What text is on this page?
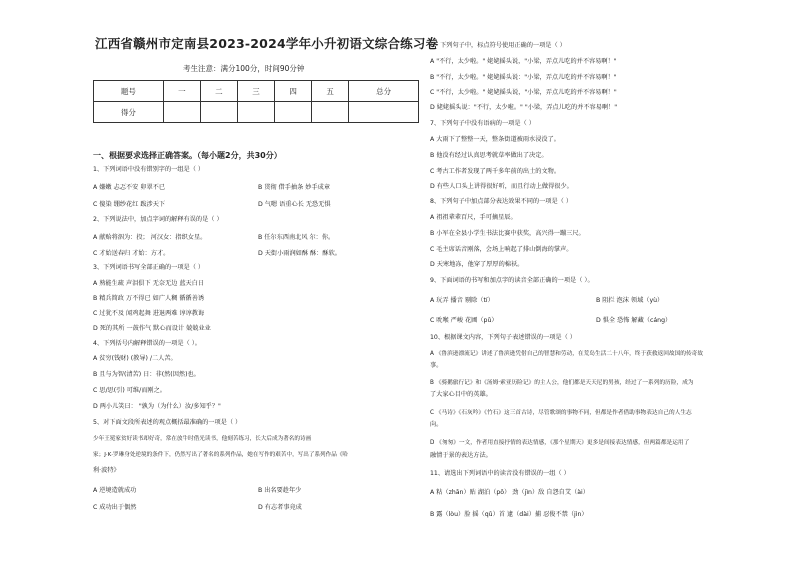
江西省赣州市定南县2023-2024学年小升初语文综合练习卷
考生注意：满分100分，时间90分钟
题号	一	二	三	四	五	总分
得分						
一、根据要求选择正确答案。（每小题2分，共30分）
1、下列词语中没有错别字的一组是（ ）
A 嫌嫩 忐忑不安 卯翠不已	B 贯彻 借手抽条 妙手成章
C 傻染 绷纱花红 跋涉天下	D 气嗯 语重心长 无恐无惧
2、下列说法中，加点字词的解释有误的是（ ）
A 献贻将泅为：投； 河汉女：指织女星。	B 任尔东西南北风 尔：你。
C 才始送春归 才始：方才。	D 天街小雨润如酥 酥：酥软。
3、下列词语书写全部正确的一项是（ ）
A 熟能生疏 声泪俱下 无奈无边 蓝天白日
B 精兵简政 万不得已 如广人稠 循循善诱
C 过犹不及 闻鸡起舞 进退两难 谆谆教诲
D 死的其所 一鼓作气 默心而设计 兢兢业业
4、下列括号内解释错误的一项是（ ）。
A 贫穷(钱财) (教导) /二人苦。
B 且与为智(清苦) 日：非(然(因然)也。
C 思/思(引) 可维/而刚之。
D 两小儿笑曰： "孰为（为什么）汝/多知乎？"
5、对下面文段所表述的观点概括最准确的一项是（ ）
少年王冕家贫好读书却好奇，常在放牛时借光读书，他刻苦练习，长大后成为著名的诗画
家；J·K·罗琳身处逆境的条件下，仍然写出了著名的系列作品，她在写作的艰苦中，写出了系列作品《哈
利·波特》
A 逆境造就成功	B 出名要趁年少
C 成功出于偶然	D 有志者事竟成
6、下列句子中，标点符号使用正确的一项是（ ）
A "不行，太少啦。" 姥姥摇头说，"小梁，弄点儿吃的并不容易啊！"
B "不行，太少啦。" 姥姥摇头说："小梁，弄点儿吃的并不容易啊！"
C "不行，太少啦。" 姥姥摇头说，"小梁，弄点儿吃的并不容易啊！"
D 姥姥摇头说："不行，太少啦。" "小梁，弄点儿吃的并不容易啊！"
7、下列句子中没有语病的一项是（ ）
A 大雨下了整整一天，整条街道被雨水浸没了。
B 他没有经过认真思考就草率做出了决定。
C 考古工作者发现了两千多年前的出土的文物。
D 有些人口头上讲得很好听，而且行动上做得很少。
8、下列句子中加点部分表达效果不同的一项是（ ）
A 祖祖辈辈百尺，手可摘星辰。
B 小军在全县小学生书法比赛中获奖，高兴得一蹦三尺。
C 毛主席话音刚落，会场上响起了排山倒海的掌声。
D 天寒地冻，他穿了厚厚的棉袄。
9、下面词语的书写和加点字的读音全部正确的一项是（ ）。
A 玩弄 播音 剔除（tí）	B 阻拦 泡沫 领域（yù）
C 吮喉 严峻 花圃（pǔ）	D 惧全 恐怖 解藏（cáng）
10、根据课文内容，下列句子表述错误的一项是（ ）
A 《鲁滨逊漂流记》讲述了鲁滨逊凭借自己的智慧和劳动，在荒岛生活二十八年，终于获救返回故国的传奇故
事。
B 《骑鹅旅行记》和《汤姆·索亚历险记》的主人公，他们都是天天尼的男孩，经过了一系列的历险，成为
了大家心目中的英雄。
C 《马诗》《石灰吟》《竹石》这三首古诗，尽管歌颂的事物不同，但都是作者借助事物表达自己的人生志
向。
D 《匆匆》一文，作者用直接抒情的表达情感，《那个星期天》更多是间接表达情感，但两篇都是运用了
融情于景的表达方法。
11、请选出下列词语中的读音没有错误的一组（ ）
A 粘（zhān）贴 湖泊（pō） 劲（jìn）敌 自怨自艾（ài）
B 露（lòu）脸 摇（qǔ）首 逮（dài）捕 忍俊不禁（jìn）
